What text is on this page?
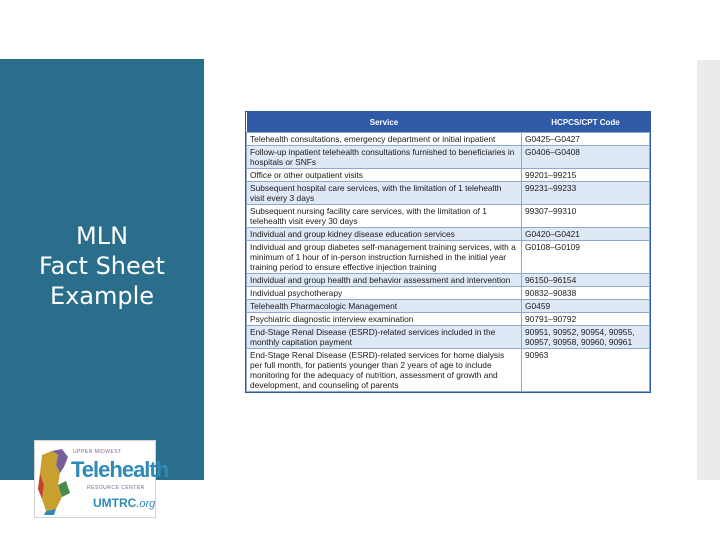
MLN
Fact Sheet
Example
UPPER MIDWEST
Telehealth
RESOURCE CENTER
UMTRC.org
Service	HCPCS/CPT Code
Telehealth consultations, emergency department or initial inpatient	G0425–G0427
Follow-up inpatient telehealth consultations furnished to beneficiaries in hospitals or SNFs	G0406–G0408
Office or other outpatient visits	99201–99215
Subsequent hospital care services, with the limitation of 1 telehealth visit every 3 days	99231–99233
Subsequent nursing facility care services, with the limitation of 1 telehealth visit every 30 days	99307–99310
Individual and group kidney disease education services	G0420–G0421
Individual and group diabetes self-management training services, with a minimum of 1 hour of in-person instruction furnished in the initial year training period to ensure effective injection training	G0108–G0109
Individual and group health and behavior assessment and intervention	96150–96154
Individual psychotherapy	90832–90838
Telehealth Pharmacologic Management	G0459
Psychiatric diagnostic interview examination	90791–90792
End-Stage Renal Disease (ESRD)-related services included in the monthly capitation payment	90951, 90952, 90954, 90955, 90957, 90958, 90960, 90961
End-Stage Renal Disease (ESRD)-related services for home dialysis per full month, for patients younger than 2 years of age to include monitoring for the adequacy of nutrition, assessment of growth and development, and counseling of parents	90963
